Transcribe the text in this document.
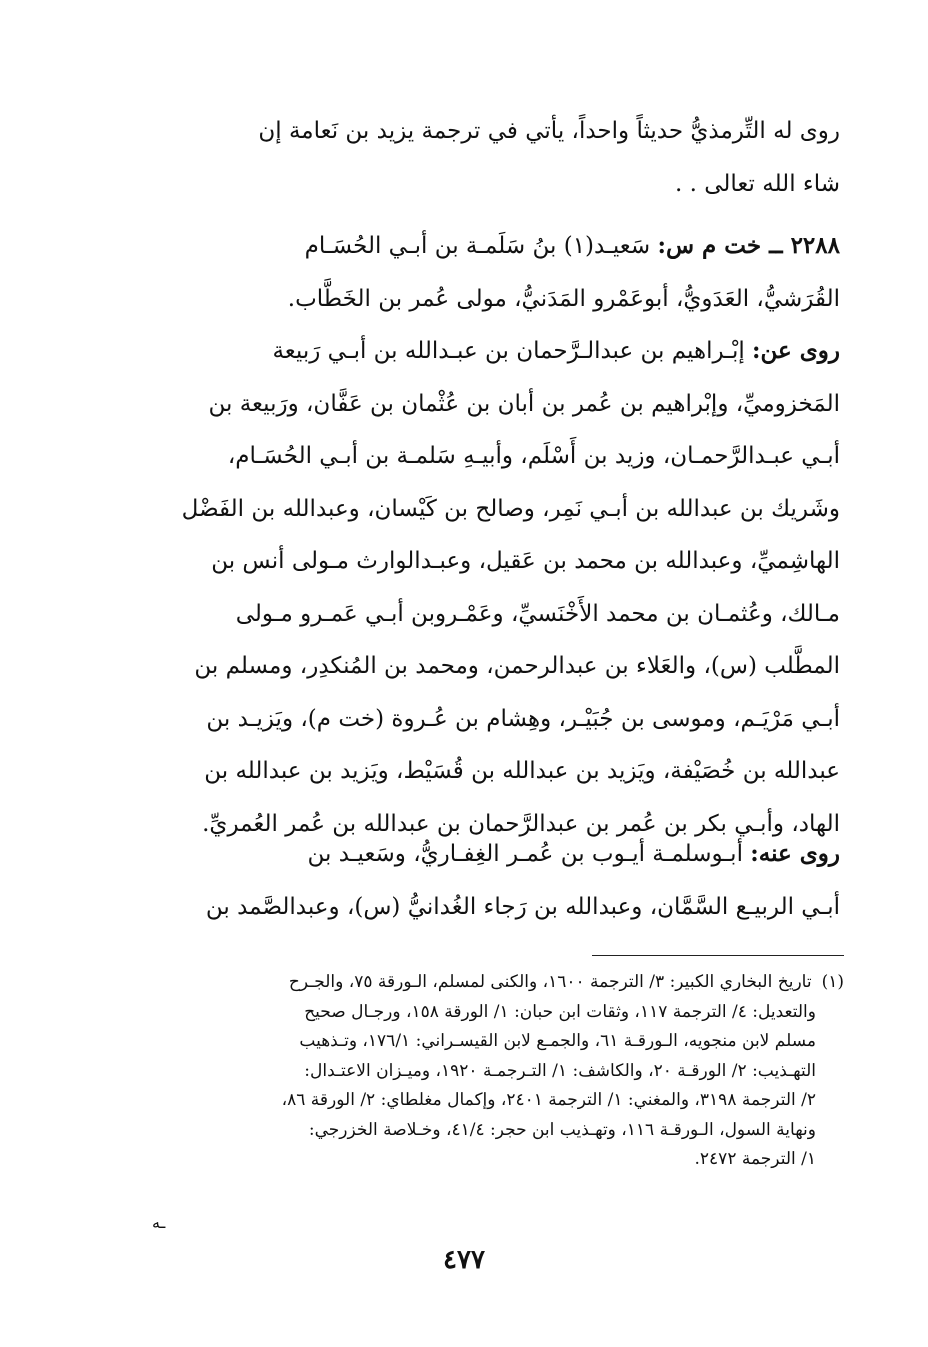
روى له التِّرمذيُّ حديثاً واحداً، يأتي في ترجمة يزيد بن نَعامة إن
شاء الله تعالى . .
٢٢٨٨ ــ خت م س: سَعيـد(١) بنُ سَلَمـة بن أبـي الحُسَـام
القُرَشيُّ، العَدَويُّ، أبوعَمْرو المَدَنيُّ، مولى عُمر بن الخَطَّاب.
روى عن: إبْـراهيم بن عبدالـرَّحمان بن عبـدالله بن أبـي رَبيعة
المَخزوميِّ، وإبْراهيم بن عُمر بن أبان بن عُثْمان بن عَفَّان، ورَبيعة بن
أبـي عبـدالرَّحمـان، وزيد بن أَسْلَم، وأبيـهِ سَلمـة بن أبـي الحُسَـام،
وشَريك بن عبدالله بن أبـي نَمِر، وصالح بن كَيْسان، وعبدالله بن الفَضْل
الهاشِميِّ، وعبدالله بن محمد بن عَقيل، وعبـدالوارث مـولى أنس بن
مـالك، وعُثمـان بن محمد الأَخْنَسيِّ، وعَمْـروبن أبـي عَمـرو مـولى
المطَّلب (س)، والعَلاء بن عبدالرحمن، ومحمد بن المُنكدِر، ومسلم بن
أبـي مَرْيَـم، وموسى بن جُبَيْـر، وهِشام بن عُـروة (خت م)، ويَزيـد بن
عبدالله بن خُصَيْفة، ويَزيد بن عبدالله بن قُسَيْط، ويَزيد بن عبدالله بن
الهاد، وأبـي بكر بن عُمر بن عبدالرَّحمان بن عبدالله بن عُمر العُمريِّ.
روى عنه: أبـوسلمـة أيـوب بن عُمـر الغِفـاريُّ، وسَعيـد بن
أبـي الربيـع السَّمَّان، وعبدالله بن رَجاء الغُدانيُّ (س)، وعبدالصَّمد بن
(١)تاريخ البخاري الكبير: ٣/ الترجمة ١٦٠٠، والكنى لمسلم، الـورقة ٧٥، والجـرح
والتعديل: ٤/ الترجمة ١١٧، وثقات ابن حبان: ١/ الورقة ١٥٨، ورجـال صحيح
مسلم لابن منجويه، الـورقـة ٦١، والجمـع لابن القيسـراني: ١٧٦/١، وتـذهيب
التهـذيب: ٢/ الورقـة ٢٠، والكاشف: ١/ التـرجمـة ١٩٢٠، وميـزان الاعتـدال:
٢/ الترجمة ٣١٩٨، والمغني: ١/ الترجمة ٢٤٠١، وإكمال مغلطاي: ٢/ الورقة ٨٦،
ونهاية السول، الـورقـة ١١٦، وتهـذيب ابن حجر: ٤١/٤، وخـلاصة الخزرجي:
١/ الترجمة ٢٤٧٢.
ـه
٤٧٧
